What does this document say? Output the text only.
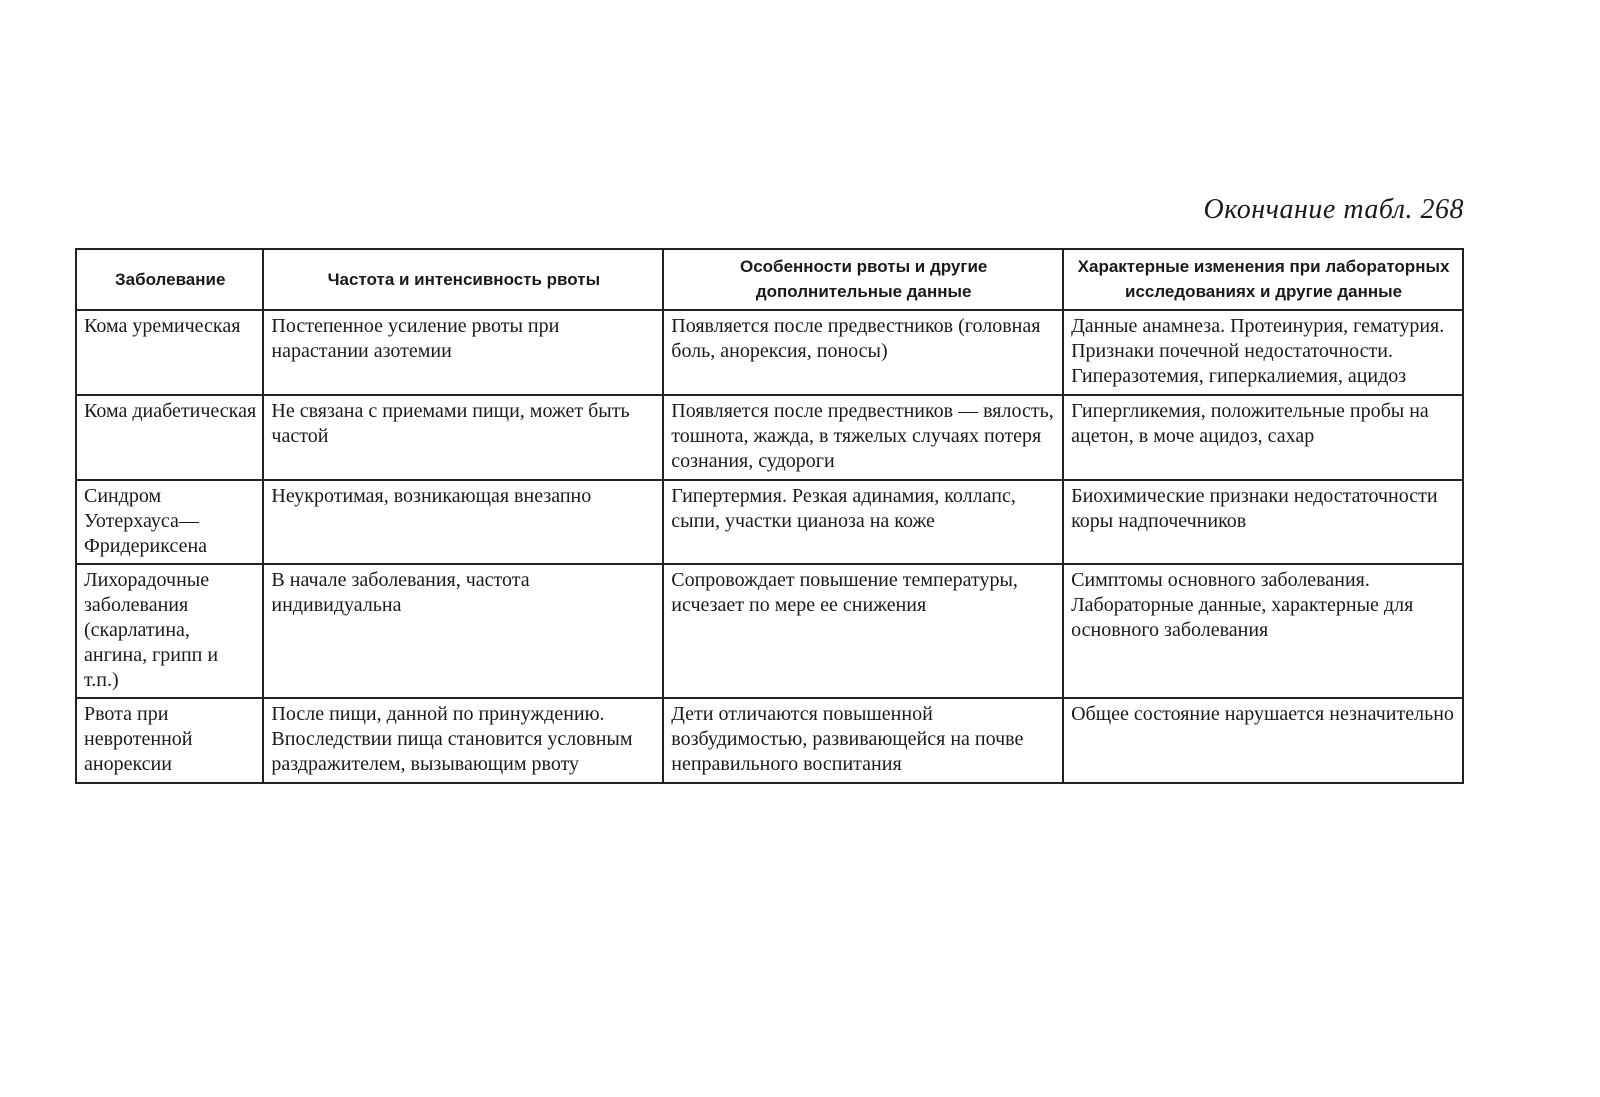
Окончание табл. 268
Заболевание	Частота и интенсивность рвоты	Особенности рвоты и другие дополнительные данные	Характерные изменения при лабораторных исследованиях и другие данные
Кома уремическая	Постепенное усиление рвоты при нарастании азотемии	Появляется после предвестников (головная боль, анорексия, поносы)	Данные анамнеза. Протеинурия, гематурия. Признаки почечной недостаточности. Гиперазотемия, гиперкалиемия, ацидоз
Кома диабетическая	Не связана с приемами пищи, может быть частой	Появляется после предвестников — вялость, тошнота, жажда, в тяжелых случаях потеря сознания, судороги	Гипергликемия, положительные пробы на ацетон, в моче ацидоз, сахар
Синдром Уотерхауса—Фридериксена	Неукротимая, возникающая внезапно	Гипертермия. Резкая адинамия, коллапс, сыпи, участки цианоза на коже	Биохимические признаки недостаточности коры надпочечников
Лихорадочные заболевания (скарлатина, ангина, грипп и т.п.)	В начале заболевания, частота индивидуальна	Сопровождает повышение температуры, исчезает по мере ее снижения	Симптомы основного заболевания. Лабораторные данные, характерные для основного заболевания
Рвота при невротенной анорексии	После пищи, данной по принуждению. Впоследствии пища становится условным раздражителем, вызывающим рвоту	Дети отличаются повышенной возбудимостью, развивающейся на почве неправильного воспитания	Общее состояние нарушается незначительно
